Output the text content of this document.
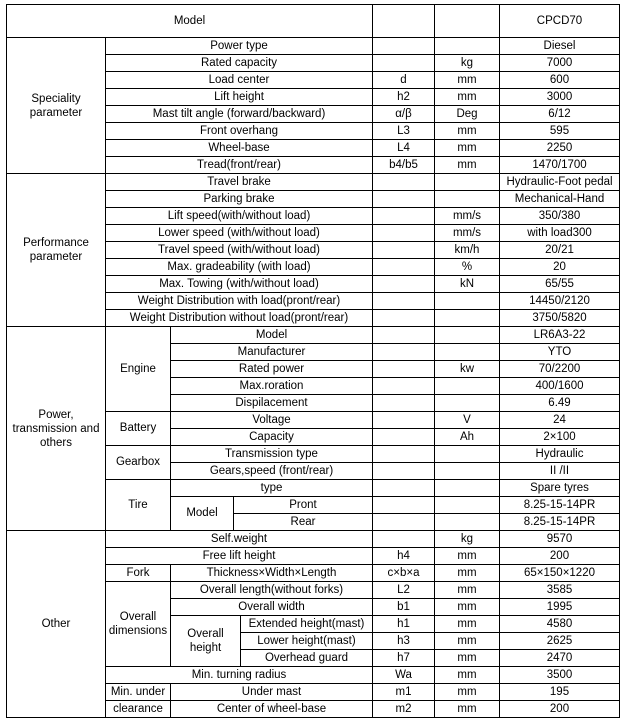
Model							CPCD70
Speciality parameter	Power type						Diesel
	Rated capacity					kg	7000
	Load center				d	mm	600
	Lift height				h2	mm	3000
	Mast tilt angle (forward/backward)				α/β	Deg	6/12
	Front overhang				L3	mm	595
	Wheel-base				L4	mm	2250
	Tread(front/rear)				b4/b5	mm	1470/1700
Performance parameter	Travel brake						Hydraulic-Foot pedal
	Parking brake						Mechanical-Hand
	Lift speed(with/without load)					mm/s	350/380
	Lower speed (with/without load)					mm/s	with load300
	Travel speed (with/without load)					km/h	20/21
	Max. gradeability (with load)					%	20
	Max. Towing (with/without load)					kN	65/55
	Weight Distribution with load(pront/rear)						14450/2120
	Weight Distribution without load(pront/rear)						3750/5820
Power, transmission and others	Engine	Model					LR6A3-22
		Manufacturer					YTO
		Rated power				kw	70/2200
		Max.roration					400/1600
		Dispilacement					6.49
	Battery	Voltage				V	24
		Capacity				Ah	2×100
	Gearbox	Transmission type					Hydraulic
		Gears,speed (front/rear)					II /II
	Tire	type					Spare tyres
		Model	Pront				8.25-15-14PR
			Rear				8.25-15-14PR
Other	Self.weight					kg	9570
	Free lift height				h4	mm	200
	Fork	Thickness×Width×Length			c×b×a	mm	65×150×1220
	Overall dimensions	Overall length(without forks)			L2	mm	3585
		Overall width			b1	mm	1995
		Overall height		Extended height(mast)	h1	mm	4580
				Lower height(mast)	h3	mm	2625
				Overhead guard	h7	mm	2470
	Min. turning radius				Wa	mm	3500
	Min. under	Under mast			m1	mm	195
	clearance	Center of wheel-base			m2	mm	200
